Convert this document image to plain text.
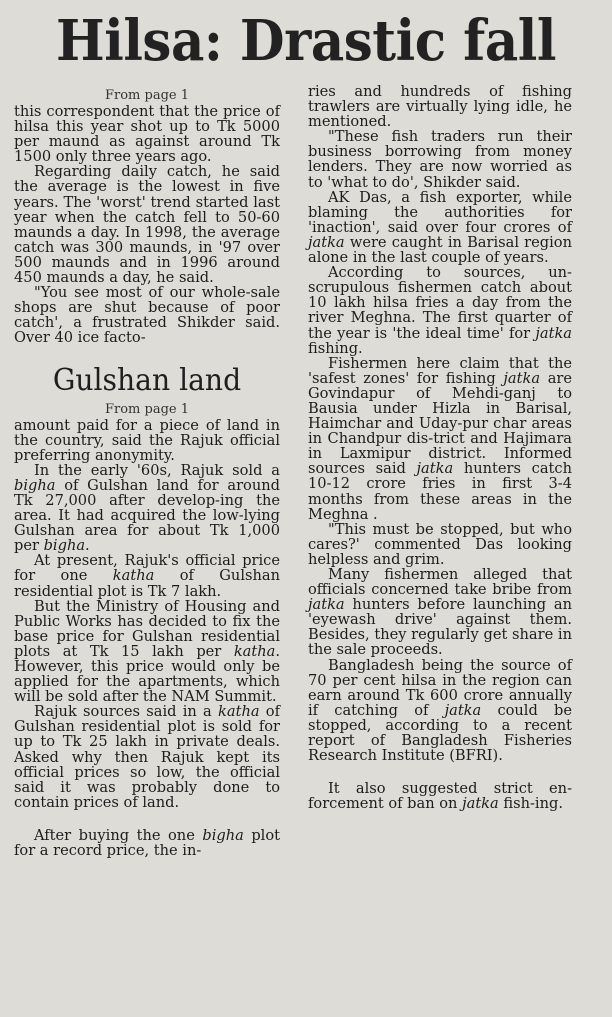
Hilsa: Drastic fall
From page 1

this correspondent that the price of hilsa this year shot up to Tk 5000 per maund as against around Tk 1500 only three years ago.

Regarding daily catch, he said the average is the lowest in five years. The 'worst' trend started last year when the catch fell to 50-60 maunds a day. In 1998, the average catch was 300 maunds, in '97 over 500 maunds and in 1996 around 450 maunds a day, he said.

"You see most of our whole-sale shops are shut because of poor catch', a frustrated Shikder said. Over 40 ice facto-

Gulshan land
From page 1

amount paid for a piece of land in the country, said the Rajuk official preferring anonymity.

In the early '60s, Rajuk sold a bigha of Gulshan land for around Tk 27,000 after develop-ing the area. It had acquired the low-lying Gulshan area for about Tk 1,000 per bigha.

At present, Rajuk's official price for one katha of Gulshan residential plot is Tk 7 lakh.

But the Ministry of Housing and Public Works has decided to fix the base price for Gulshan residential plots at Tk 15 lakh per katha. However, this price would only be applied for the apartments, which will be sold after the NAM Summit.

Rajuk sources said in a katha of Gulshan residential plot is sold for up to Tk 25 lakh in private deals. Asked why then Rajuk kept its official prices so low, the official said it was probably done to contain prices of land.

After buying the one bigha plot for a record price, the in-

ries and hundreds of fishing trawlers are virtually lying idle, he mentioned.

"These fish traders run their business borrowing from money lenders. They are now worried as to 'what to do', Shikder said.

AK Das, a fish exporter, while blaming the authorities for 'inaction', said over four crores of jatka were caught in Barisal region alone in the last couple of years.

According to sources, un-scrupulous fishermen catch about 10 lakh hilsa fries a day from the river Meghna. The first quarter of the year is 'the ideal time' for jatka fishing.

Fishermen here claim that the 'safest zones' for fishing jatka are Govindapur of Mehdi-ganj to Bausia under Hizla in Barisal, Haimchar and Uday-pur char areas in Chandpur dis-trict and Hajimara in Laxmipur district. Informed sources said jatka hunters catch 10-12 crore fries in first 3-4 months from these areas in the Meghna .

"This must be stopped, but who cares?' commented Das looking helpless and grim.

Many fishermen alleged that officials concerned take bribe from jatka hunters before launching an 'eyewash drive' against them. Besides, they regularly get share in the sale proceeds.

Bangladesh being the source of 70 per cent hilsa in the region can earn around Tk 600 crore annually if catching of jatka could be stopped, according to a recent report of Bangladesh Fisheries Research Institute (BFRI).

It also suggested strict en-forcement of ban on jatka fish-ing.
